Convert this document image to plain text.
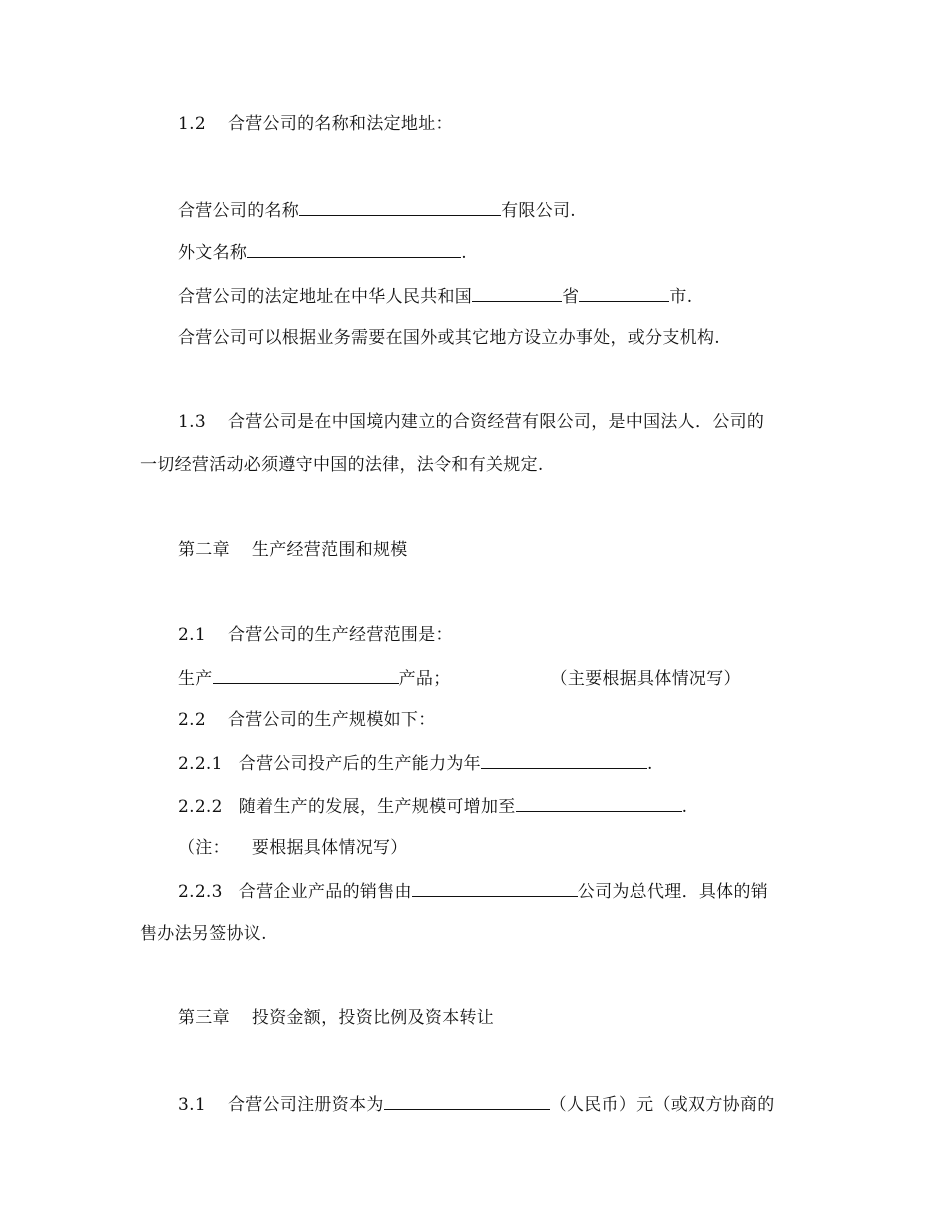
1.2 合营公司的名称和法定地址：
合营公司的名称	有限公司.
外文名称	.
合营公司的法定地址在中华人民共和国	省	市.
合营公司可以根据业务需要在国外或其它地方设立办事处，或分支机构.
1.3 合营公司是在中国境内建立的合资经营有限公司，是中国法人．公司的
一切经营活动必须遵守中国的法律，法令和有关规定.
第二章 生产经营范围和规模
2.1 合营公司的生产经营范围是：
生产	产品；	（主要根据具体情况写）
2.2 合营公司的生产规模如下：
2.2.1 合营公司投产后的生产能力为年	.
2.2.2 随着生产的发展，生产规模可增加至	.
（注： 要根据具体情况写）
2.2.3 合营企业产品的销售由	公司为总代理．具体的销
售办法另签协议.
第三章 投资金额，投资比例及资本转让
3.1 合营公司注册资本为	（人民币）元（或双方协商的
